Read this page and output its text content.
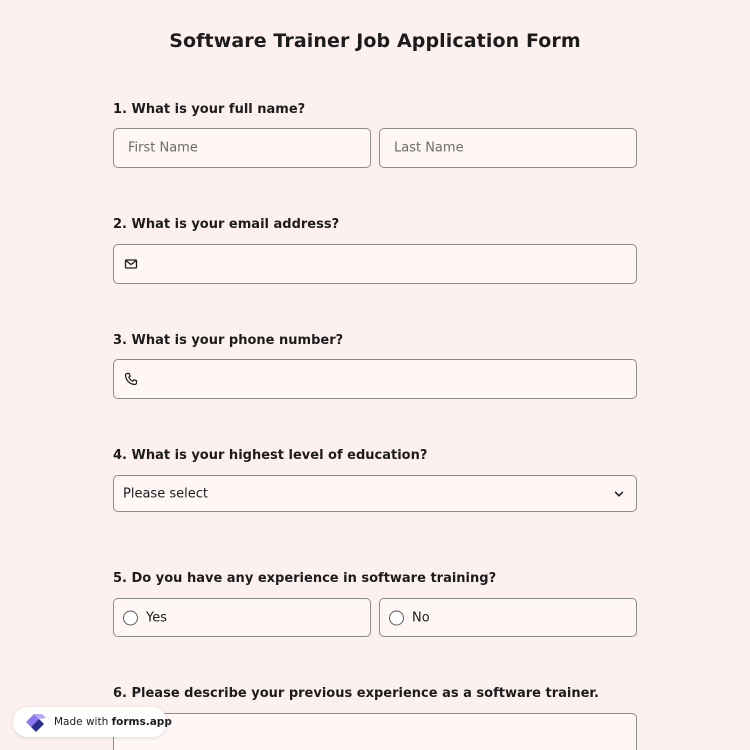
Software Trainer Job Application Form
1. What is your full name?
First Name	Last Name
2. What is your email address?
3. What is your phone number?
4. What is your highest level of education?
Please select
5. Do you have any experience in software training?
Yes	No
6. Please describe your previous experience as a software trainer.
Made with forms.app
